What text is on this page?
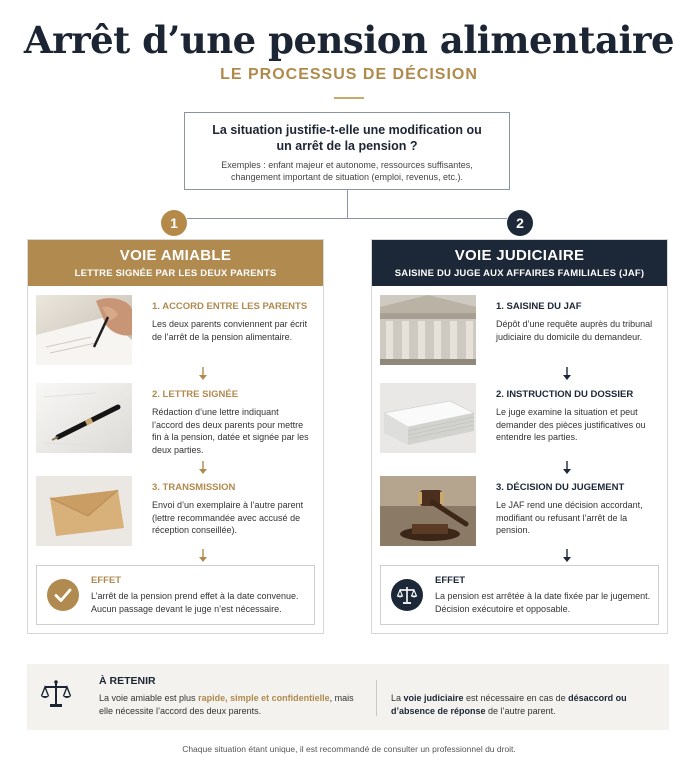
Arrêt d’une pension alimentaire
LE PROCESSUS DE DÉCISION
La situation justifie-t-elle une modification ou un arrêt de la pension ?
Exemples : enfant majeur et autonome, ressources suffisantes, changement important de situation (emploi, revenus, etc.).
1	2
VOIE AMIABLE
LETTRE SIGNÉE PAR LES DEUX PARENTS
1. ACCORD ENTRE LES PARENTS
Les deux parents conviennent par écrit de l’arrêt de la pension alimentaire.
2. LETTRE SIGNÉE
Rédaction d’une lettre indiquant l’accord des deux parents pour mettre fin à la pension, datée et signée par les deux parties.
3. TRANSMISSION
Envoi d’un exemplaire à l’autre parent (lettre recommandée avec accusé de réception conseillée).
EFFET
L’arrêt de la pension prend effet à la date convenue. Aucun passage devant le juge n’est nécessaire.
VOIE JUDICIAIRE
SAISINE DU JUGE AUX AFFAIRES FAMILIALES (JAF)
1. SAISINE DU JAF
Dépôt d’une requête auprès du tribunal judiciaire du domicile du demandeur.
2. INSTRUCTION DU DOSSIER
Le juge examine la situation et peut demander des pièces justificatives ou entendre les parties.
3. DÉCISION DU JUGEMENT
Le JAF rend une décision accordant, modifiant ou refusant l’arrêt de la pension.
EFFET
La pension est arrêtée à la date fixée par le jugement. Décision exécutoire et opposable.
À RETENIR
La voie amiable est plus rapide, simple et confidentielle, mais elle nécessite l’accord des deux parents.
La voie judiciaire est nécessaire en cas de désaccord ou d’absence de réponse de l’autre parent.
Chaque situation étant unique, il est recommandé de consulter un professionnel du droit.
